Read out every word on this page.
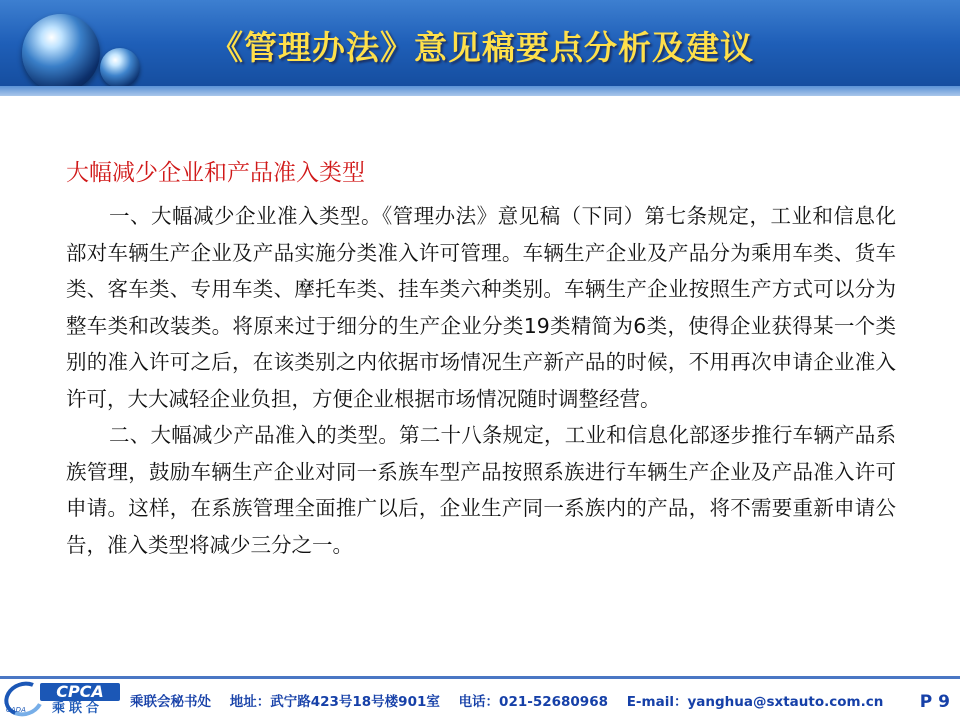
《管理办法》意见稿要点分析及建议

大幅减少企业和产品准入类型

一、大幅减少企业准入类型。《管理办法》意见稿（下同）第七条规定，工业和信息化部对车辆生产企业及产品实施分类准入许可管理。车辆生产企业及产品分为乘用车类、货车类、客车类、专用车类、摩托车类、挂车类六种类别。车辆生产企业按照生产方式可以分为整车类和改装类。将原来过于细分的生产企业分类19类精简为6类，使得企业获得某一个类别的准入许可之后，在该类别之内依据市场情况生产新产品的时候，不用再次申请企业准入许可，大大减轻企业负担，方便企业根据市场情况随时调整经营。

二、大幅减少产品准入的类型。第二十八条规定，工业和信息化部逐步推行车辆产品系族管理，鼓励车辆生产企业对同一系族车型产品按照系族进行车辆生产企业及产品准入许可申请。这样，在系族管理全面推广以后，企业生产同一系族内的产品，将不需要重新申请公告，准入类型将减少三分之一。

CADA
CPCA
乘联合 乘联会秘书处 地址：武宁路423号18号楼901室 电话：021-52680968 E-mail：yanghua@sxtauto.com.cn	P 9
